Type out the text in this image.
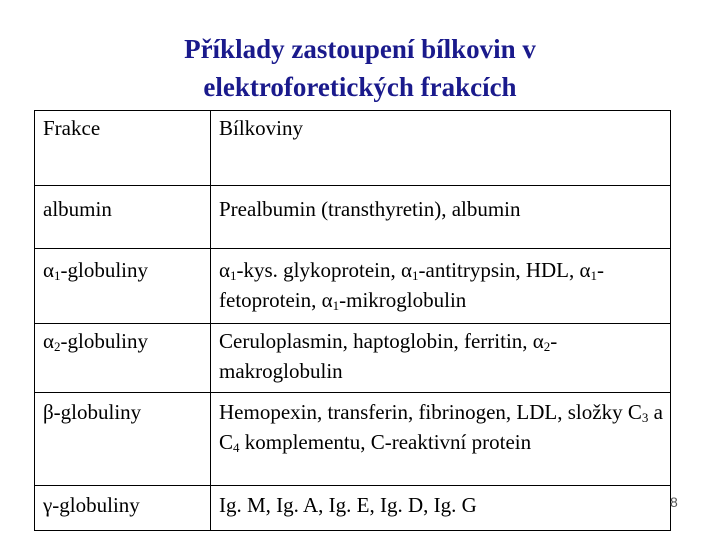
Příklady zastoupení bílkovin v
elektroforetických frakcích
Frakce	Bílkoviny
albumin	Prealbumin (transthyretin), albumin
$\alpha_1$-globuliny	$\alpha_1$-kys. glykoprotein, $\alpha_1$-antitrypsin, HDL, $\alpha_1$-fetoprotein, $\alpha_1$-mikroglobulin
$\alpha_2$-globuliny	Ceruloplasmin, haptoglobin, ferritin, $\alpha_2$-makroglobulin
β-globuliny	Hemopexin, transferin, fibrinogen, LDL, složky $C_3$ a $C_4$ komplementu, C-reaktivní protein
γ-globuliny	Ig. M, Ig. A, Ig. E, Ig. D, Ig. G	8
